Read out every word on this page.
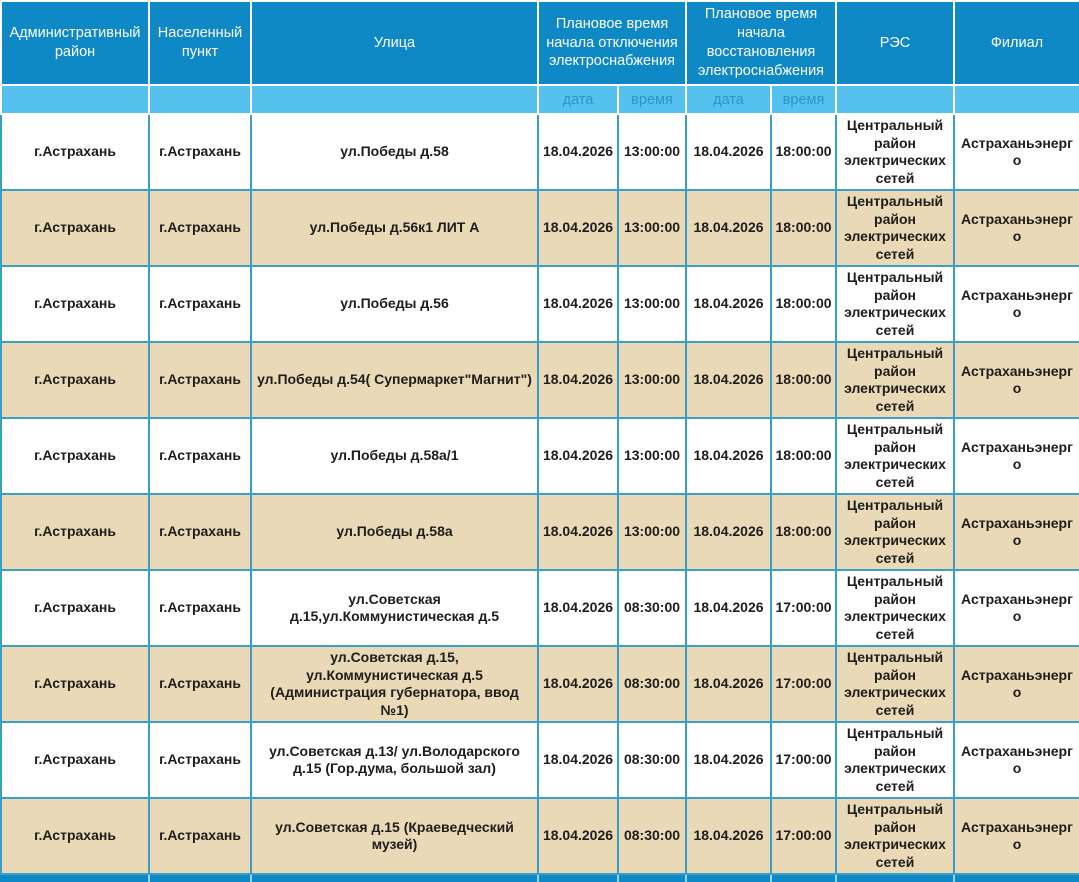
Административный район	Населенный пункт	Улица	Плановое время начала отключения электроснабжения		Плановое время начала восстановления электроснабжения		РЭС	Филиал
			дата	время	дата	время		
г.Астрахань	г.Астрахань	ул.Победы д.58	18.04.2026	13:00:00	18.04.2026	18:00:00	Центральный район электрических сетей	Астраханьэнерго
г.Астрахань	г.Астрахань	ул.Победы д.56к1 ЛИТ А	18.04.2026	13:00:00	18.04.2026	18:00:00	Центральный район электрических сетей	Астраханьэнерго
г.Астрахань	г.Астрахань	ул.Победы д.56	18.04.2026	13:00:00	18.04.2026	18:00:00	Центральный район электрических сетей	Астраханьэнерго
г.Астрахань	г.Астрахань	ул.Победы д.54( Супермаркет"Магнит")	18.04.2026	13:00:00	18.04.2026	18:00:00	Центральный район электрических сетей	Астраханьэнерго
г.Астрахань	г.Астрахань	ул.Победы д.58а/1	18.04.2026	13:00:00	18.04.2026	18:00:00	Центральный район электрических сетей	Астраханьэнерго
г.Астрахань	г.Астрахань	ул.Победы д.58а	18.04.2026	13:00:00	18.04.2026	18:00:00	Центральный район электрических сетей	Астраханьэнерго
г.Астрахань	г.Астрахань	ул.Советская д.15,ул.Коммунистическая д.5	18.04.2026	08:30:00	18.04.2026	17:00:00	Центральный район электрических сетей	Астраханьэнерго
г.Астрахань	г.Астрахань	ул.Советская д.15, ул.Коммунистическая д.5 (Администрация губернатора, ввод №1)	18.04.2026	08:30:00	18.04.2026	17:00:00	Центральный район электрических сетей	Астраханьэнерго
г.Астрахань	г.Астрахань	ул.Советская д.13/ ул.Володарского д.15 (Гор.дума, большой зал)	18.04.2026	08:30:00	18.04.2026	17:00:00	Центральный район электрических сетей	Астраханьэнерго
г.Астрахань	г.Астрахань	ул.Советская д.15 (Краеведческий музей)	18.04.2026	08:30:00	18.04.2026	17:00:00	Центральный район электрических сетей	Астраханьэнерго
